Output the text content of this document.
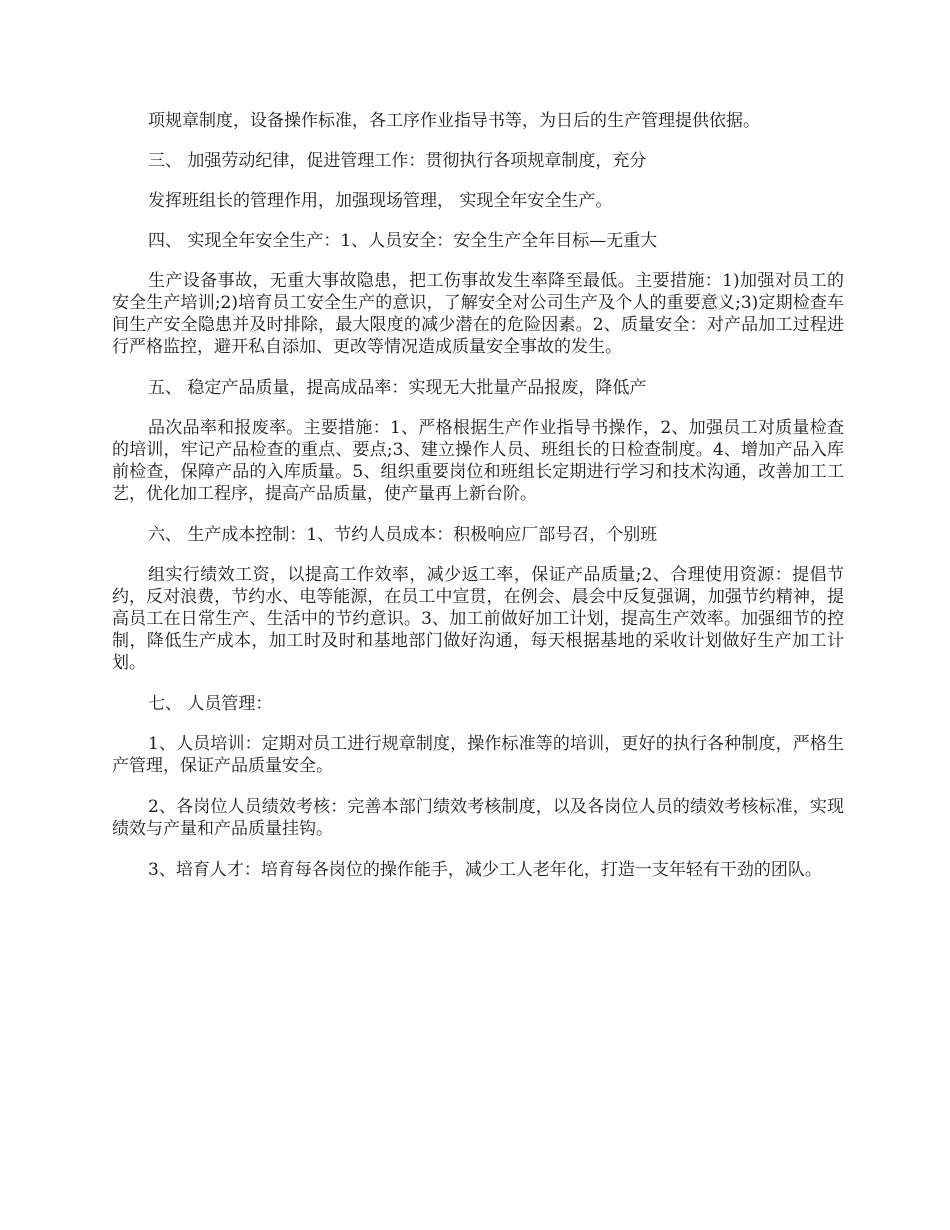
项规章制度，设备操作标准，各工序作业指导书等，为日后的生产管理提供依据。

三、 加强劳动纪律，促进管理工作：贯彻执行各项规章制度，充分

发挥班组长的管理作用，加强现场管理， 实现全年安全生产。

四、 实现全年安全生产：1、人员安全：安全生产全年目标—无重大

生产设备事故，无重大事故隐患，把工伤事故发生率降至最低。主要措施：1)加强对员工的安全生产培训;2)培育员工安全生产的意识，了解安全对公司生产及个人的重要意义;3)定期检查车间生产安全隐患并及时排除，最大限度的减少潜在的危险因素。2、质量安全：对产品加工过程进行严格监控，避开私自添加、更改等情况造成质量安全事故的发生。

五、 稳定产品质量，提高成品率：实现无大批量产品报废，降低产

品次品率和报废率。主要措施：1、严格根据生产作业指导书操作，2、加强员工对质量检查的培训，牢记产品检查的重点、要点;3、建立操作人员、班组长的日检查制度。4、增加产品入库前检查，保障产品的入库质量。5、组织重要岗位和班组长定期进行学习和技术沟通，改善加工工艺，优化加工程序，提高产品质量，使产量再上新台阶。

六、 生产成本控制：1、节约人员成本：积极响应厂部号召，个别班

组实行绩效工资，以提高工作效率，减少返工率，保证产品质量;2、合理使用资源：提倡节约，反对浪费，节约水、电等能源，在员工中宣贯，在例会、晨会中反复强调，加强节约精神，提高员工在日常生产、生活中的节约意识。3、加工前做好加工计划，提高生产效率。加强细节的控制，降低生产成本，加工时及时和基地部门做好沟通，每天根据基地的采收计划做好生产加工计划。

七、 人员管理：

1、人员培训：定期对员工进行规章制度，操作标准等的培训，更好的执行各种制度，严格生产管理，保证产品质量安全。

2、各岗位人员绩效考核：完善本部门绩效考核制度，以及各岗位人员的绩效考核标准，实现绩效与产量和产品质量挂钩。

3、培育人才：培育每各岗位的操作能手，减少工人老年化，打造一支年轻有干劲的团队。
